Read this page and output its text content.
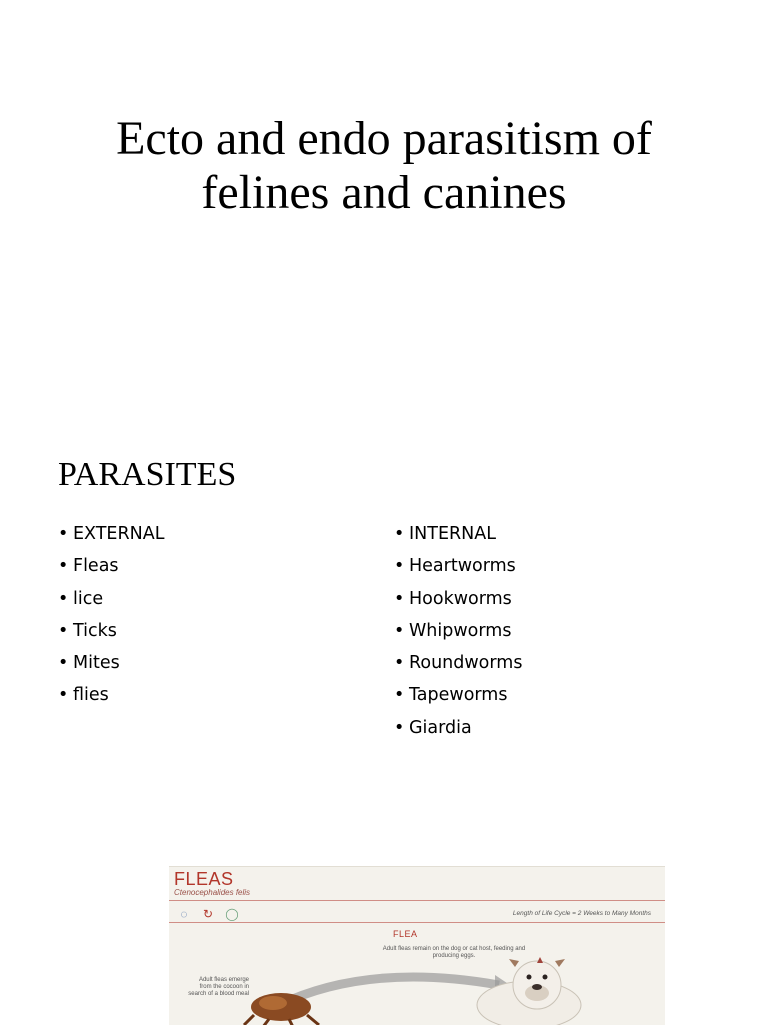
Ecto and endo parasitism of
felines and canines
PARASITES
• EXTERNAL
• Fleas
• lice
• Ticks
• Mites
• flies
• INTERNAL
• Heartworms
• Hookworms
• Whipworms
• Roundworms
• Tapeworms
• Giardia
FLEAS
Ctenocephalides felis
◌	↻	◯	Length of Life Cycle = 2 Weeks to Many Months
FLEA
Adult fleas remain on the dog or cat host, feeding and producing eggs.
Adult fleas emerge from the cocoon in search of a blood meal
